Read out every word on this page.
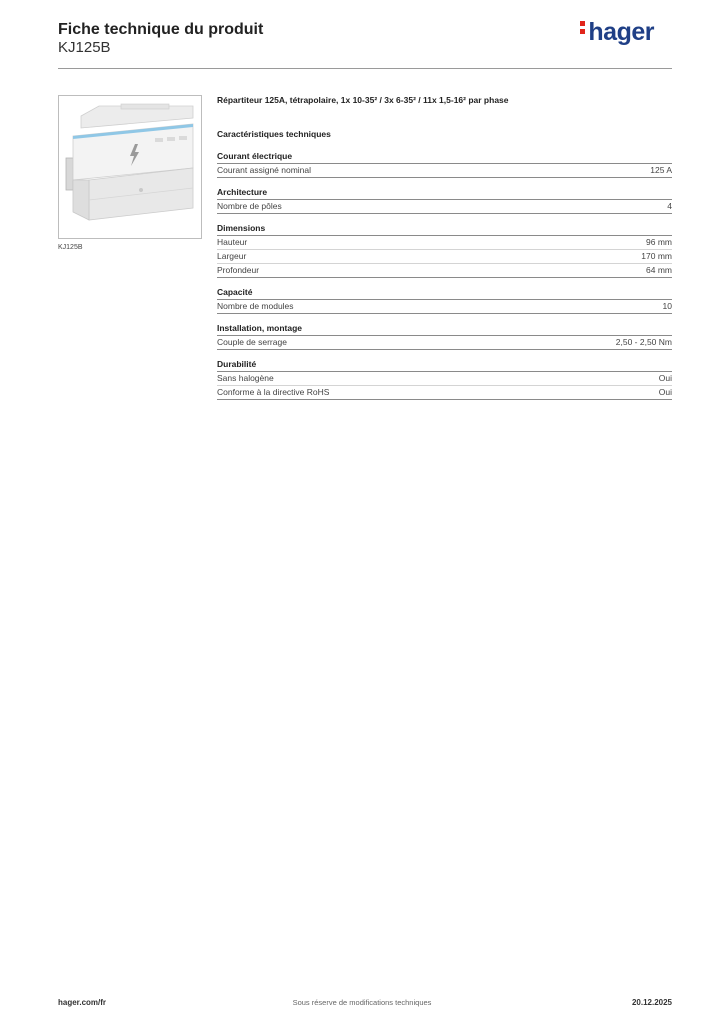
Fiche technique du produit
KJ125B
hager
KJ125B
Répartiteur 125A, tétrapolaire, 1x 10-35² / 3x 6-35² / 11x 1,5-16² par phase
Caractéristiques techniques
Courant électrique
Courant assigné nominal	125 A
Architecture
Nombre de pôles	4
Dimensions
Hauteur	96 mm
Largeur	170 mm
Profondeur	64 mm
Capacité
Nombre de modules	10
Installation, montage
Couple de serrage	2,50 - 2,50 Nm
Durabilité
Sans halogène	Oui
Conforme à la directive RoHS	Oui
hager.com/fr	Sous réserve de modifications techniques	20.12.2025
